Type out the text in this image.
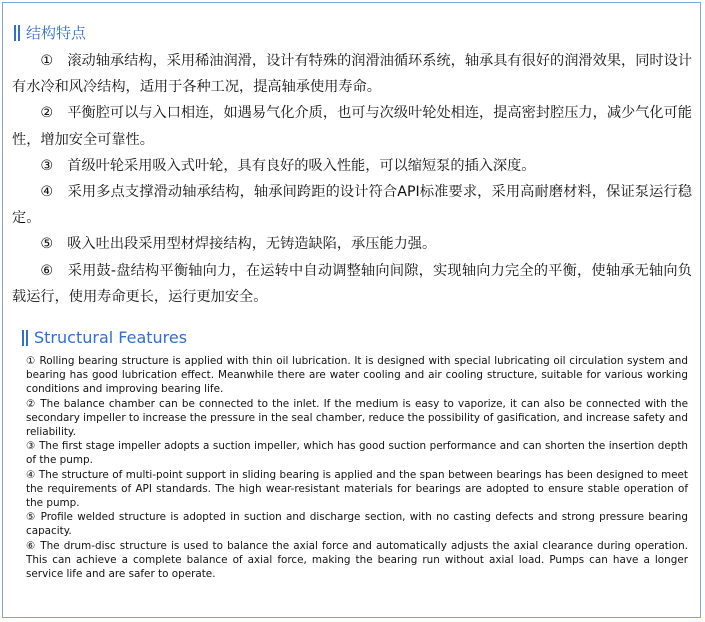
结构特点

①　滚动轴承结构，采用稀油润滑，设计有特殊的润滑油循环系统，轴承具有很好的润滑效果，同时设计有水冷和风冷结构，适用于各种工况，提高轴承使用寿命。

②　平衡腔可以与入口相连，如遇易气化介质，也可与次级叶轮处相连，提高密封腔压力，减少气化可能性，增加安全可靠性。

③　首级叶轮采用吸入式叶轮，具有良好的吸入性能，可以缩短泵的插入深度。

④　采用多点支撑滑动轴承结构，轴承间跨距的设计符合API标准要求，采用高耐磨材料，保证泵运行稳定。

⑤　吸入吐出段采用型材焊接结构，无铸造缺陷，承压能力强。

⑥　采用鼓-盘结构平衡轴向力，在运转中自动调整轴向间隙，实现轴向力完全的平衡，使轴承无轴向负载运行，使用寿命更长，运行更加安全。

Structural Features

① Rolling bearing structure is applied with thin oil lubrication. It is designed with special lubricating oil circulation system and bearing has good lubrication effect. Meanwhile there are water cooling and air cooling structure, suitable for various working conditions and improving bearing life.

② The balance chamber can be connected to the inlet. If the medium is easy to vaporize, it can also be connected with the secondary impeller to increase the pressure in the seal chamber, reduce the possibility of gasification, and increase safety and reliability.

③ The first stage impeller adopts a suction impeller, which has good suction performance and can shorten the insertion depth of the pump.

④ The structure of multi-point support in sliding bearing is applied and the span between bearings has been designed to meet the requirements of API standards. The high wear-resistant materials for bearings are adopted to ensure stable operation of the pump.

⑤ Profile welded structure is adopted in suction and discharge section, with no casting defects and strong pressure bearing capacity.

⑥ The drum-disc structure is used to balance the axial force and automatically adjusts the axial clearance during operation. This can achieve a complete balance of axial force, making the bearing run without axial load. Pumps can have a longer service life and are safer to operate.
